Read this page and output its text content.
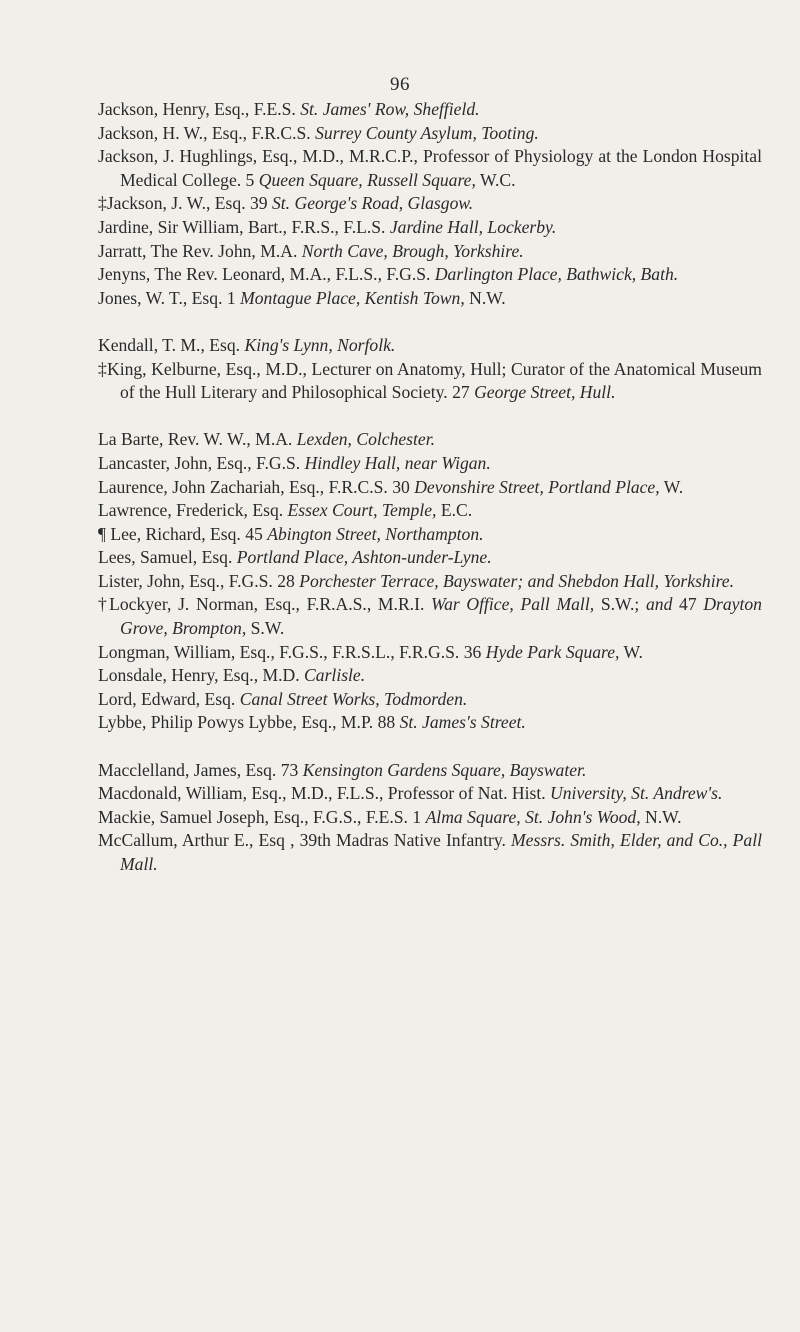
96

Jackson, Henry, Esq., F.E.S. St. James' Row, Sheffield.

Jackson, H. W., Esq., F.R.C.S. Surrey County Asylum, Tooting.

Jackson, J. Hughlings, Esq., M.D., M.R.C.P., Professor of Physiology at the London Hospital Medical College. 5 Queen Square, Russell Square, W.C.

‡Jackson, J. W., Esq. 39 St. George's Road, Glasgow.

Jardine, Sir William, Bart., F.R.S., F.L.S. Jardine Hall, Lockerby.

Jarratt, The Rev. John, M.A. North Cave, Brough, Yorkshire.

Jenyns, The Rev. Leonard, M.A., F.L.S., F.G.S. Darlington Place, Bathwick, Bath.

Jones, W. T., Esq. 1 Montague Place, Kentish Town, N.W.

Kendall, T. M., Esq. King's Lynn, Norfolk.

‡King, Kelburne, Esq., M.D., Lecturer on Anatomy, Hull; Curator of the Anatomical Museum of the Hull Literary and Philosophical Society. 27 George Street, Hull.

La Barte, Rev. W. W., M.A. Lexden, Colchester.

Lancaster, John, Esq., F.G.S. Hindley Hall, near Wigan.

Laurence, John Zachariah, Esq., F.R.C.S. 30 Devonshire Street, Portland Place, W.

Lawrence, Frederick, Esq. Essex Court, Temple, E.C.

¶ Lee, Richard, Esq. 45 Abington Street, Northampton.

Lees, Samuel, Esq. Portland Place, Ashton-under-Lyne.

Lister, John, Esq., F.G.S. 28 Porchester Terrace, Bayswater; and Shebdon Hall, Yorkshire.

†Lockyer, J. Norman, Esq., F.R.A.S., M.R.I. War Office, Pall Mall, S.W.; and 47 Drayton Grove, Brompton, S.W.

Longman, William, Esq., F.G.S., F.R.S.L., F.R.G.S. 36 Hyde Park Square, W.

Lonsdale, Henry, Esq., M.D. Carlisle.

Lord, Edward, Esq. Canal Street Works, Todmorden.

Lybbe, Philip Powys Lybbe, Esq., M.P. 88 St. James's Street.

Macclelland, James, Esq. 73 Kensington Gardens Square, Bayswater.

Macdonald, William, Esq., M.D., F.L.S., Professor of Nat. Hist. University, St. Andrew's.

Mackie, Samuel Joseph, Esq., F.G.S., F.E.S. 1 Alma Square, St. John's Wood, N.W.

McCallum, Arthur E., Esq , 39th Madras Native Infantry. Messrs. Smith, Elder, and Co., Pall Mall.
